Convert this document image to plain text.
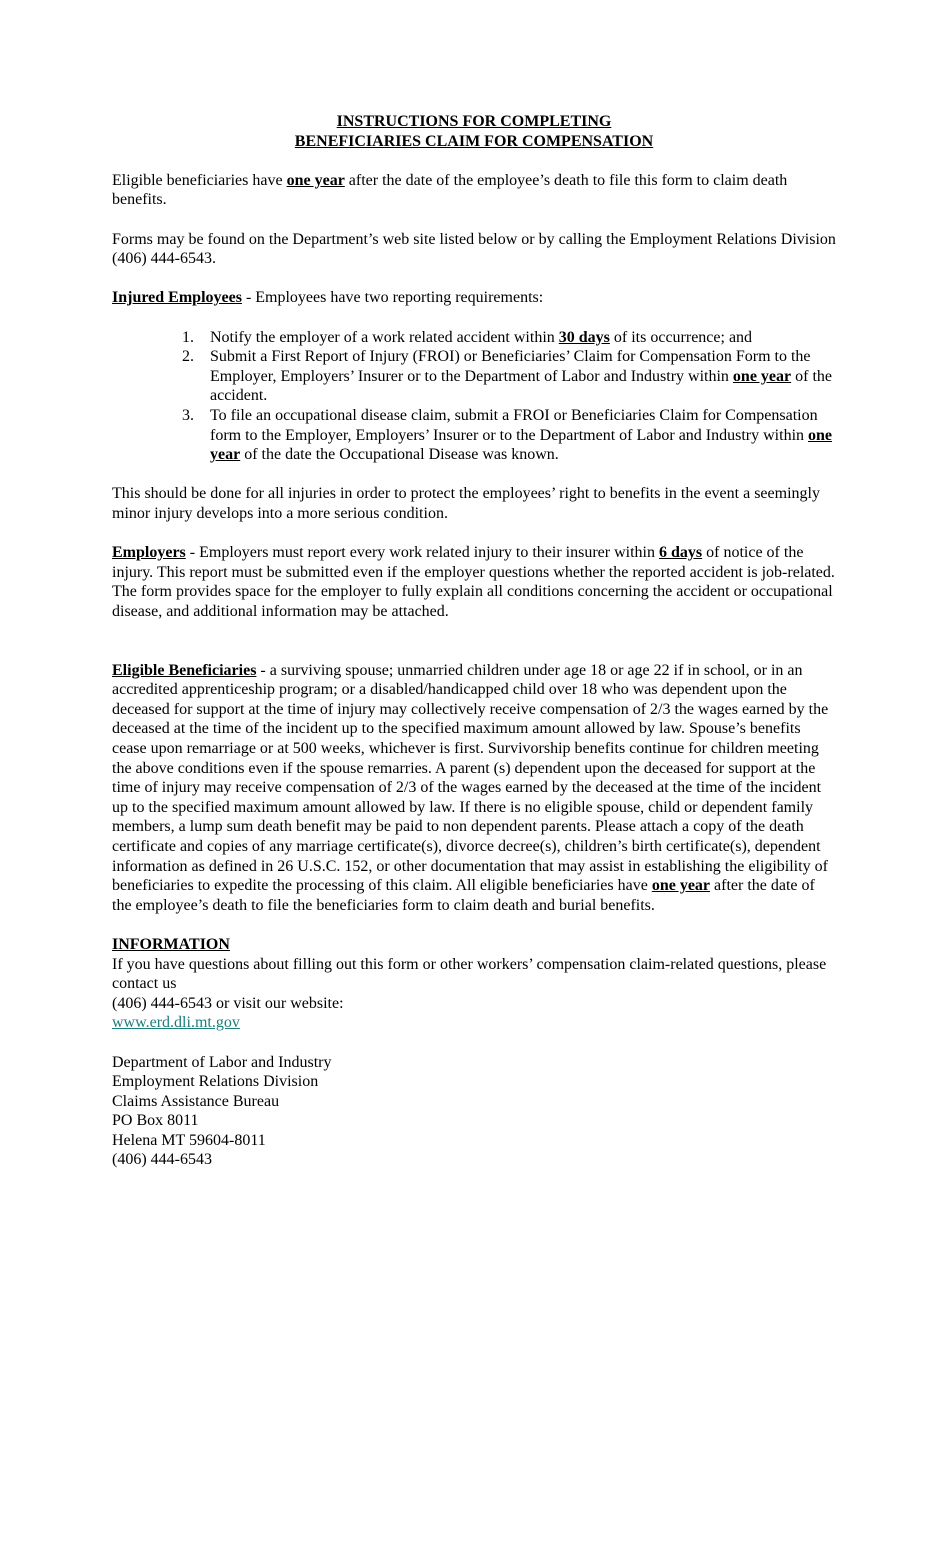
INSTRUCTIONS FOR COMPLETING
BENEFICIARIES CLAIM FOR COMPENSATION

Eligible beneficiaries have one year after the date of the employee’s death to file this form to claim death benefits.

Forms may be found on the Department’s web site listed below or by calling the Employment Relations Division (406) 444-6543.

Injured Employees - Employees have two reporting requirements:

1. Notify the employer of a work related accident within 30 days of its occurrence; and
2. Submit a First Report of Injury (FROI) or Beneficiaries’ Claim for Compensation Form to the Employer, Employers’ Insurer or to the Department of Labor and Industry within one year of the accident.
3. To file an occupational disease claim, submit a FROI or Beneficiaries Claim for Compensation form to the Employer, Employers’ Insurer or to the Department of Labor and Industry within one year of the date the Occupational Disease was known.

This should be done for all injuries in order to protect the employees’ right to benefits in the event a seemingly minor injury develops into a more serious condition.

Employers - Employers must report every work related injury to their insurer within 6 days of notice of the injury. This report must be submitted even if the employer questions whether the reported accident is job-related. The form provides space for the employer to fully explain all conditions concerning the accident or occupational disease, and additional information may be attached.

Eligible Beneficiaries - a surviving spouse; unmarried children under age 18 or age 22 if in school, or in an accredited apprenticeship program; or a disabled/handicapped child over 18 who was dependent upon the deceased for support at the time of injury may collectively receive compensation of 2/3 the wages earned by the deceased at the time of the incident up to the specified maximum amount allowed by law. Spouse’s benefits cease upon remarriage or at 500 weeks, whichever is first. Survivorship benefits continue for children meeting the above conditions even if the spouse remarries. A parent (s) dependent upon the deceased for support at the time of injury may receive compensation of 2/3 of the wages earned by the deceased at the time of the incident up to the specified maximum amount allowed by law. If there is no eligible spouse, child or dependent family members, a lump sum death benefit may be paid to non dependent parents. Please attach a copy of the death certificate and copies of any marriage certificate(s), divorce decree(s), children’s birth certificate(s), dependent information as defined in 26 U.S.C. 152, or other documentation that may assist in establishing the eligibility of beneficiaries to expedite the processing of this claim. All eligible beneficiaries have one year after the date of the employee’s death to file the beneficiaries form to claim death and burial benefits.

INFORMATION

If you have questions about filling out this form or other workers’ compensation claim-related questions, please contact us

(406) 444-6543 or visit our website:

www.erd.dli.mt.gov

Department of Labor and Industry
Employment Relations Division
Claims Assistance Bureau
PO Box 8011
Helena MT 59604-8011
(406) 444-6543
